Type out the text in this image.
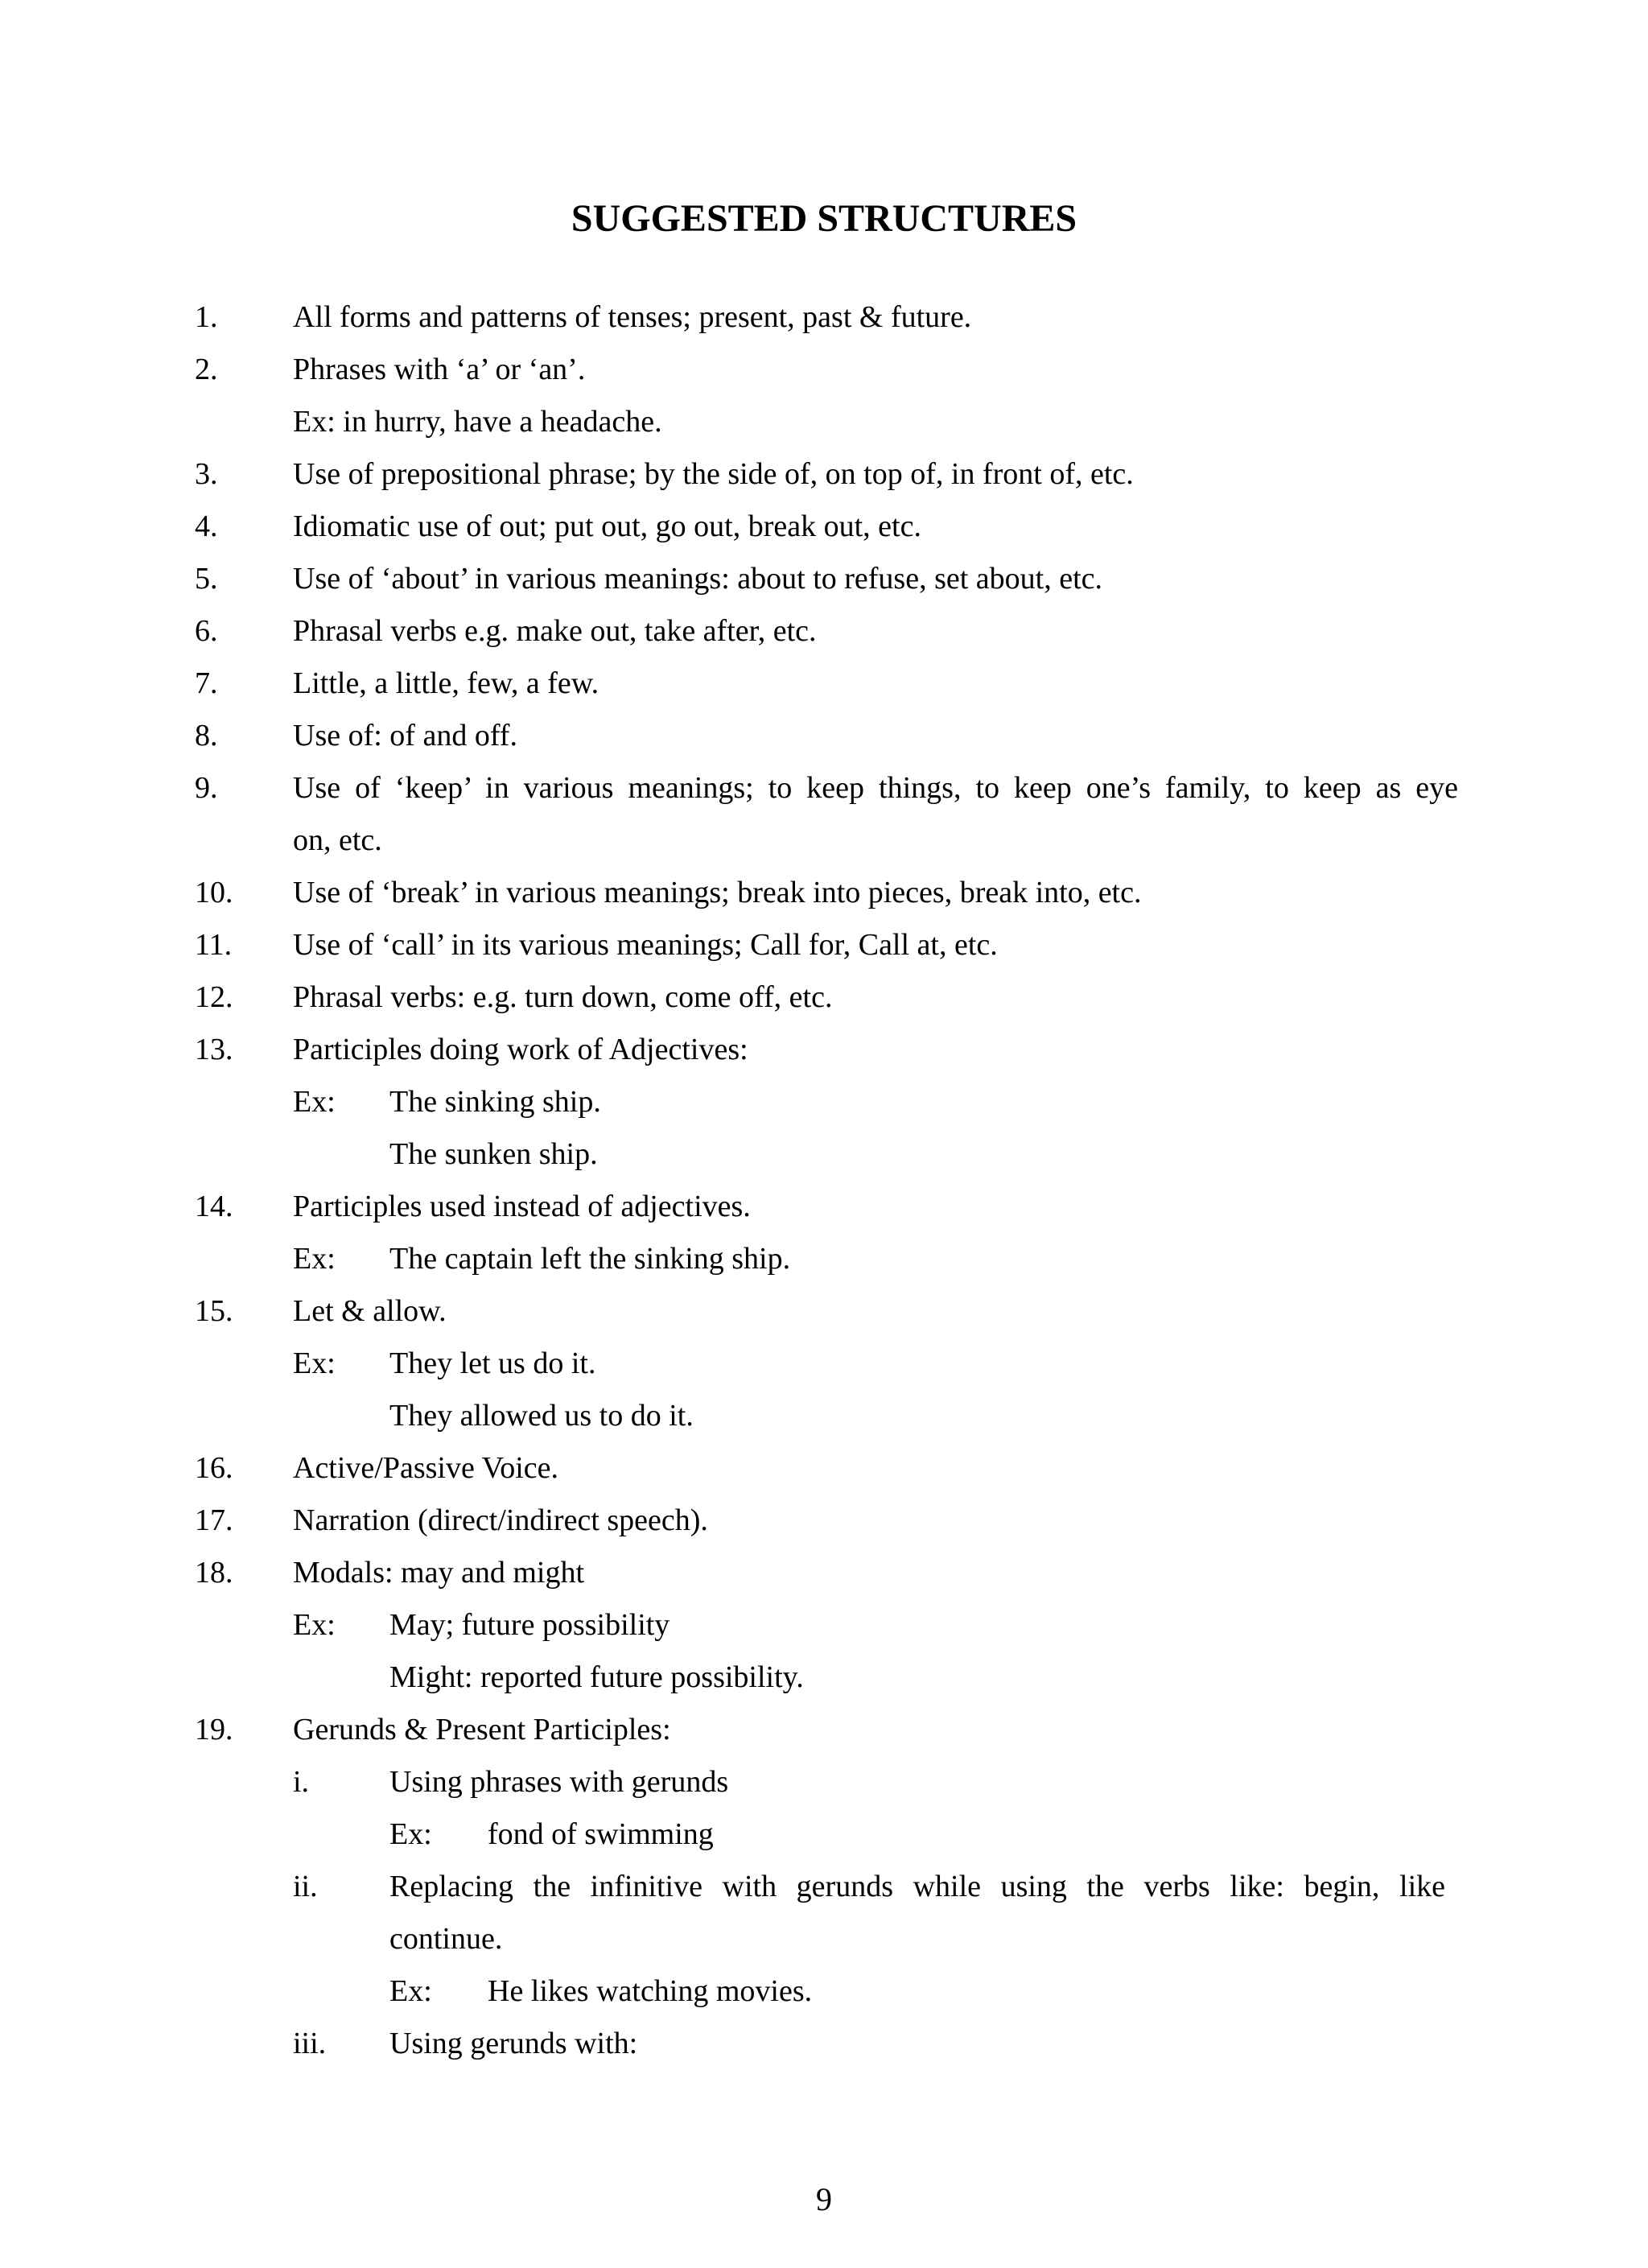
SUGGESTED STRUCTURES
1. All forms and patterns of tenses; present, past & future.
2. Phrases with ‘a’ or ‘an’.
Ex: in hurry, have a headache.
3. Use of prepositional phrase; by the side of, on top of, in front of, etc.
4. Idiomatic use of out; put out, go out, break out, etc.
5. Use of ‘about’ in various meanings: about to refuse, set about, etc.
6. Phrasal verbs e.g. make out, take after, etc.
7. Little, a little, few, a few.
8. Use of: of and off.
9. Use of ‘keep’ in various meanings; to keep things, to keep one’s family, to keep as eye
on, etc.
10. Use of ‘break’ in various meanings; break into pieces, break into, etc.
11. Use of ‘call’ in its various meanings; Call for, Call at, etc.
12. Phrasal verbs: e.g. turn down, come off, etc.
13. Participles doing work of Adjectives:
Ex: The sinking ship.
The sunken ship.
14. Participles used instead of adjectives.
Ex: The captain left the sinking ship.
15. Let & allow.
Ex: They let us do it.
They allowed us to do it.
16. Active/Passive Voice.
17. Narration (direct/indirect speech).
18. Modals: may and might
Ex: May; future possibility
Might: reported future possibility.
19. Gerunds & Present Participles:
i.	Using phrases with gerunds
Ex: fond of swimming
ii. Replacing the infinitive with gerunds while using the verbs like: begin, like
continue.
Ex: He likes watching movies.
iii. Using gerunds with:
9
